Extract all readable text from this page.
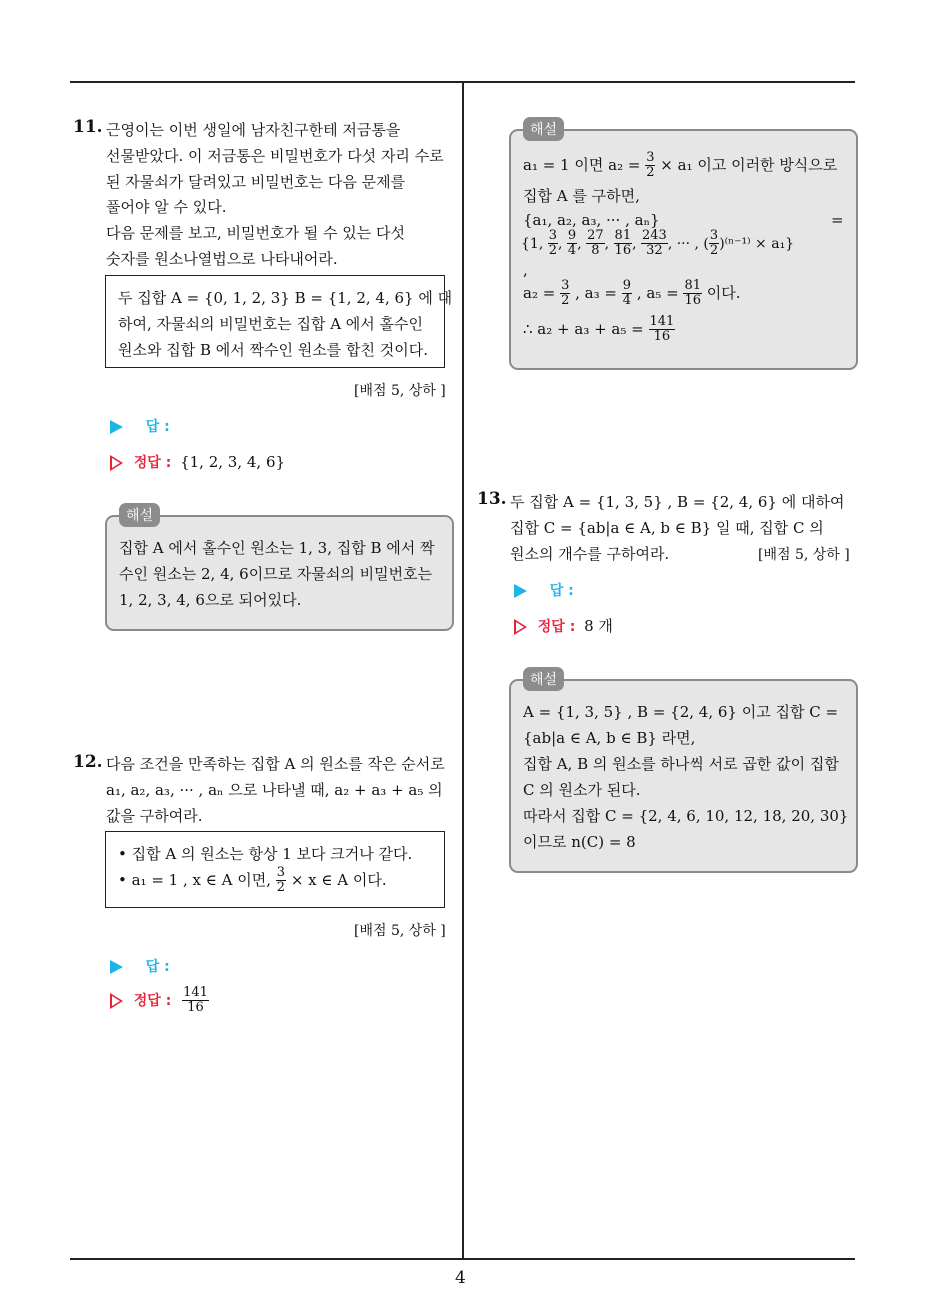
4
11. 근영이는 이번 생일에 남자친구한테 저금통을
선물받았다. 이 저금통은 비밀번호가 다섯 자리 수로
된 자물쇠가 달려있고 비밀번호는 다음 문제를
풀어야 알 수 있다.
다음 문제를 보고, 비밀번호가 될 수 있는 다섯
숫자를 원소나열법으로 나타내어라.
두 집합 A = {0, 1, 2, 3} B = {1, 2, 4, 6} 에 대
하여, 자물쇠의 비밀번호는 집합 A 에서 홀수인
원소와 집합 B 에서 짝수인 원소를 합친 것이다.
[배점 5, 상하 ]
답 :
정답 : {1, 2, 3, 4, 6}
집합 A 에서 홀수인 원소는 1, 3, 집합 B 에서 짝
수인 원소는 2, 4, 6이므로 자물쇠의 비밀번호는
1, 2, 3, 4, 6으로 되어있다.
해설
12. 다음 조건을 만족하는 집합 A 의 원소를 작은 순서로
a₁, a₂, a₃, ··· , aₙ 으로 나타낼 때, a₂ + a₃ + a₅ 의
값을 구하여라.
• 집합 A 의 원소는 항상 1 보다 크거나 같다.
• a₁ = 1 , x ∈ A 이면, $\frac{3}{2} \times x$ ∈ A 이다.
[배점 5, 상하 ]
답 :
정답 : $\frac{141}{16}$
a₁ = 1 이면 $a_2 = \frac{3}{2} \times a_1$ 이고 이러한 방식으로
집합 A 를 구하면,
{a₁, a₂, a₃, ··· , aₙ}	=
{1, $\frac{3}{2}$ , $\frac{9}{4}$ , $\frac{27}{8}$ , $\frac{81}{16}$ , $\frac{243}{32}$ , ··· , ( $\frac{3}{2} )^{(n-1)} \times a_1$}
,
$a_2 = \frac{3}{2}$ , $a_3 = \frac{9}{4}$ , $a_5 = \frac{81}{16}$ 이다.
∴ $a_2 + a_3 + a_5 = \frac{141}{16}$
해설
13. 두 집합 A = {1, 3, 5} , B = {2, 4, 6} 에 대하여
집합 C = {ab|a ∈ A, b ∈ B} 일 때, 집합 C 의
원소의 개수를 구하여라.	[배점 5, 상하 ]
답 :
정답 : 8 개
A = {1, 3, 5} , B = {2, 4, 6} 이고 집합 C =
{ab|a ∈ A, b ∈ B} 라면,
집합 A, B 의 원소를 하나씩 서로 곱한 값이 집합
C 의 원소가 된다.
따라서 집합 C = {2, 4, 6, 10, 12, 18, 20, 30}
이므로 n(C) = 8
해설
